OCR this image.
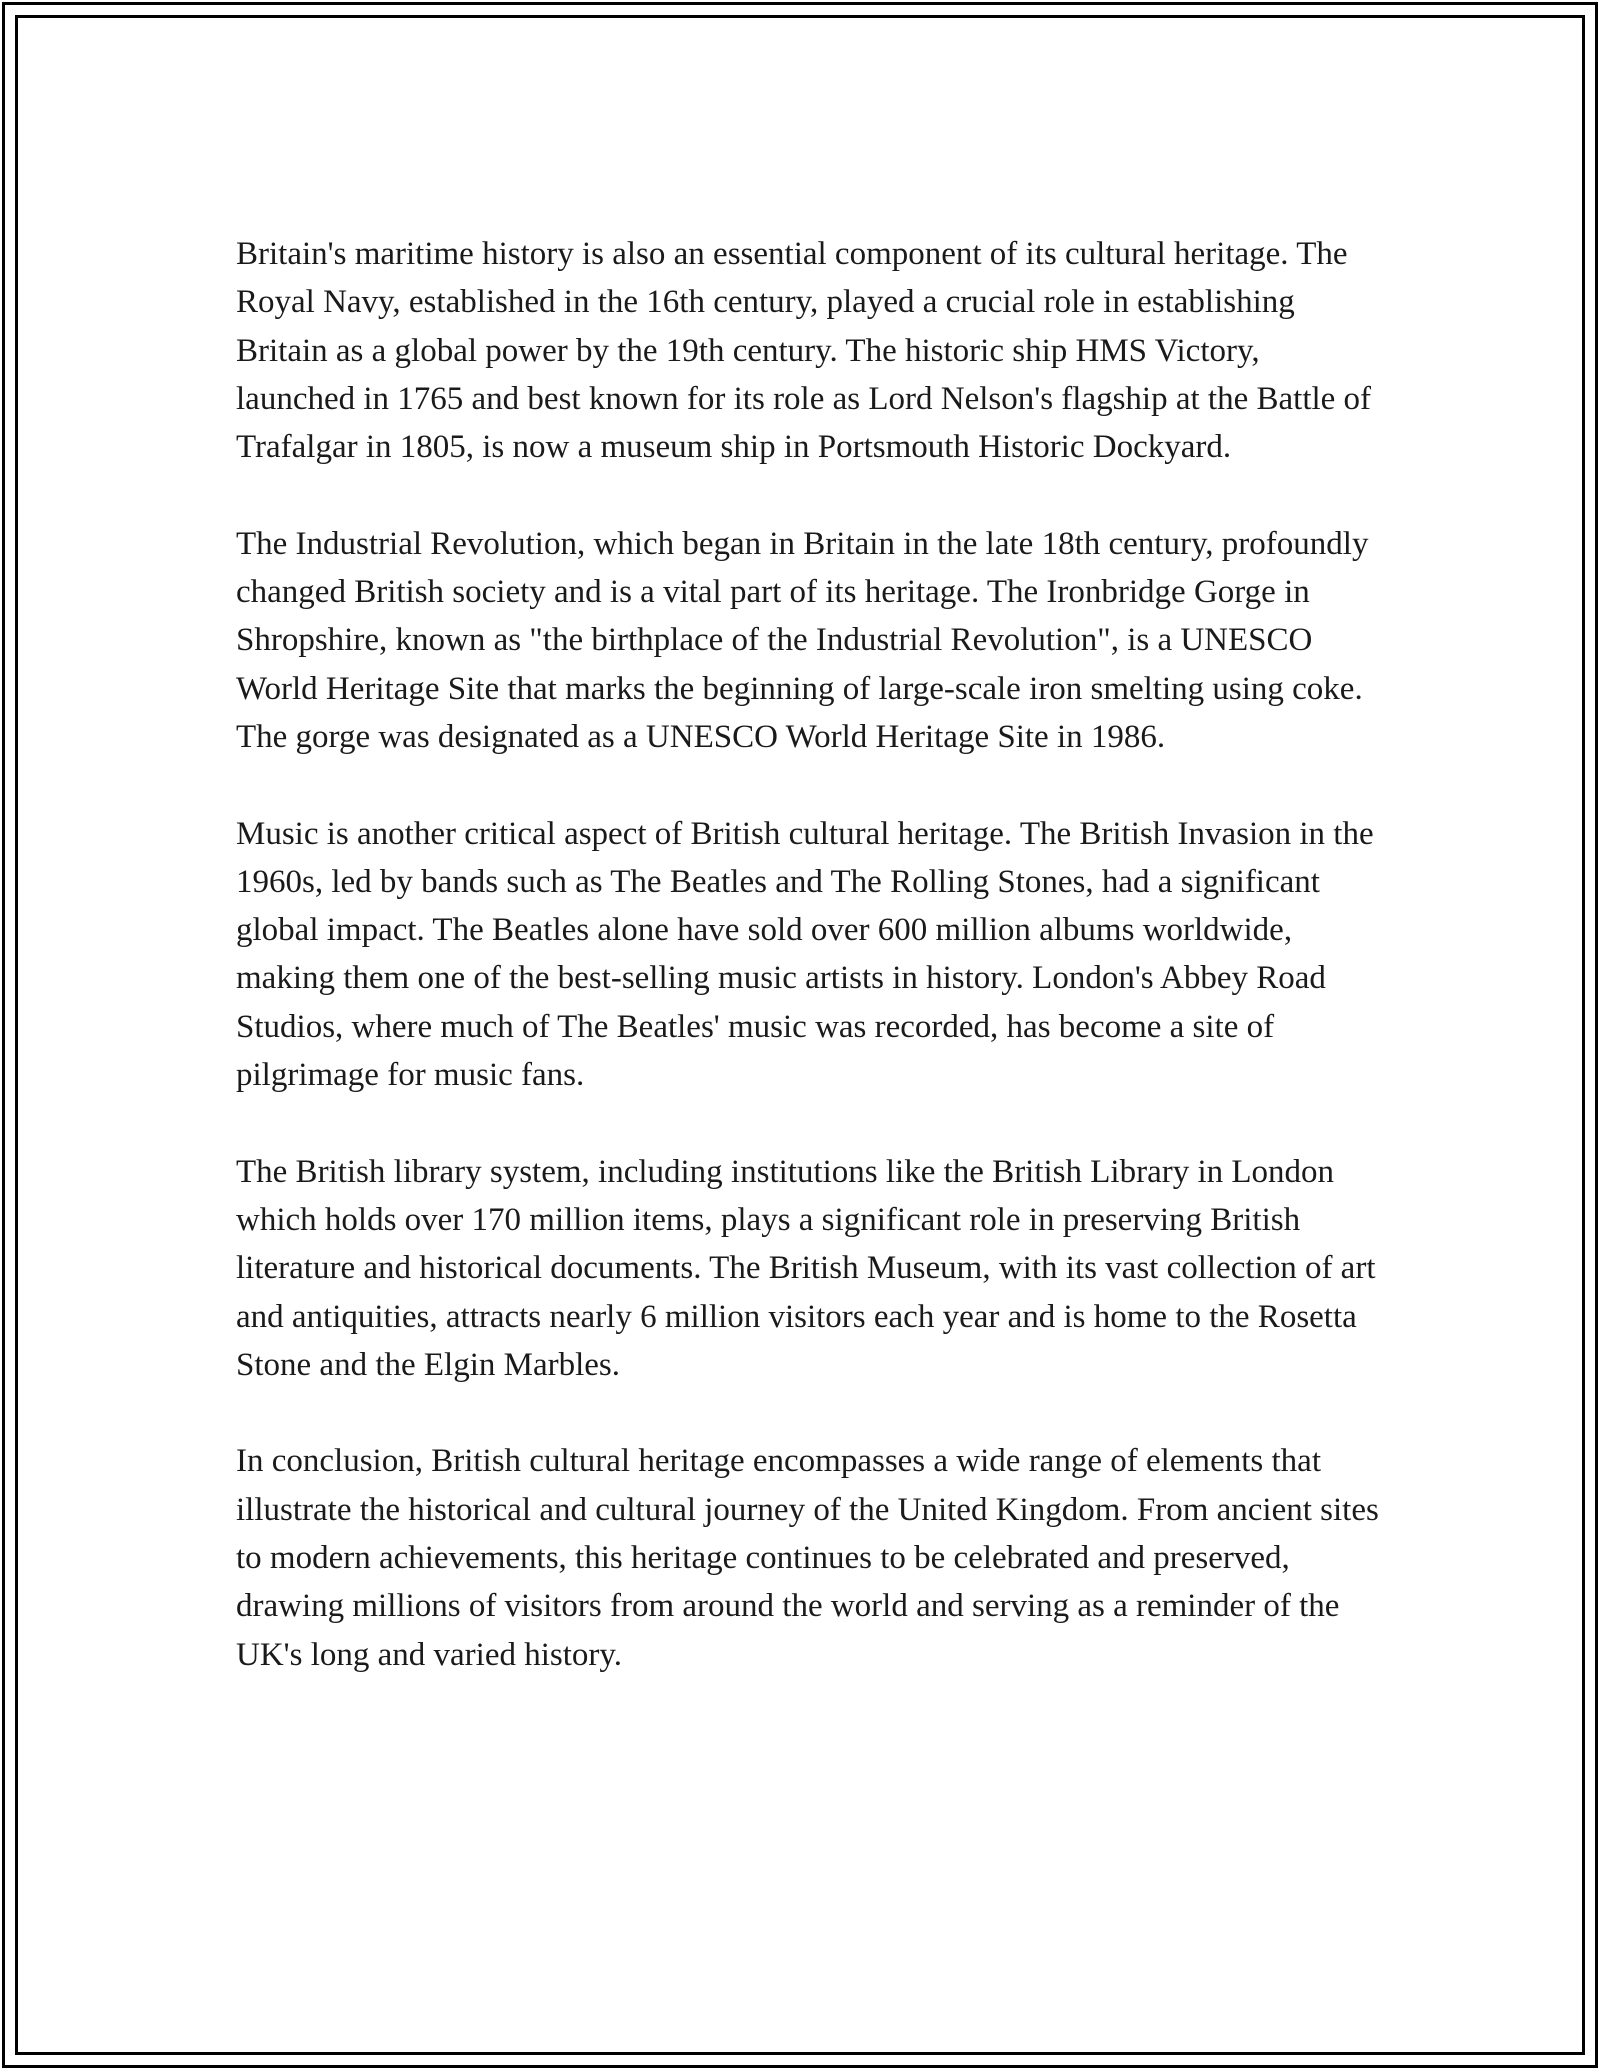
Britain's maritime history is also an essential component of its cultural heritage. The Royal Navy, established in the 16th century, played a crucial role in establishing Britain as a global power by the 19th century. The historic ship HMS Victory, launched in 1765 and best known for its role as Lord Nelson's flagship at the Battle of Trafalgar in 1805, is now a museum ship in Portsmouth Historic Dockyard.

The Industrial Revolution, which began in Britain in the late 18th century, profoundly changed British society and is a vital part of its heritage. The Ironbridge Gorge in Shropshire, known as "the birthplace of the Industrial Revolution", is a UNESCO World Heritage Site that marks the beginning of large-scale iron smelting using coke. The gorge was designated as a UNESCO World Heritage Site in 1986.

Music is another critical aspect of British cultural heritage. The British Invasion in the 1960s, led by bands such as The Beatles and The Rolling Stones, had a significant global impact. The Beatles alone have sold over 600 million albums worldwide, making them one of the best-selling music artists in history. London's Abbey Road Studios, where much of The Beatles' music was recorded, has become a site of pilgrimage for music fans.

The British library system, including institutions like the British Library in London which holds over 170 million items, plays a significant role in preserving British literature and historical documents. The British Museum, with its vast collection of art and antiquities, attracts nearly 6 million visitors each year and is home to the Rosetta Stone and the Elgin Marbles.

In conclusion, British cultural heritage encompasses a wide range of elements that illustrate the historical and cultural journey of the United Kingdom. From ancient sites to modern achievements, this heritage continues to be celebrated and preserved, drawing millions of visitors from around the world and serving as a reminder of the UK's long and varied history.
